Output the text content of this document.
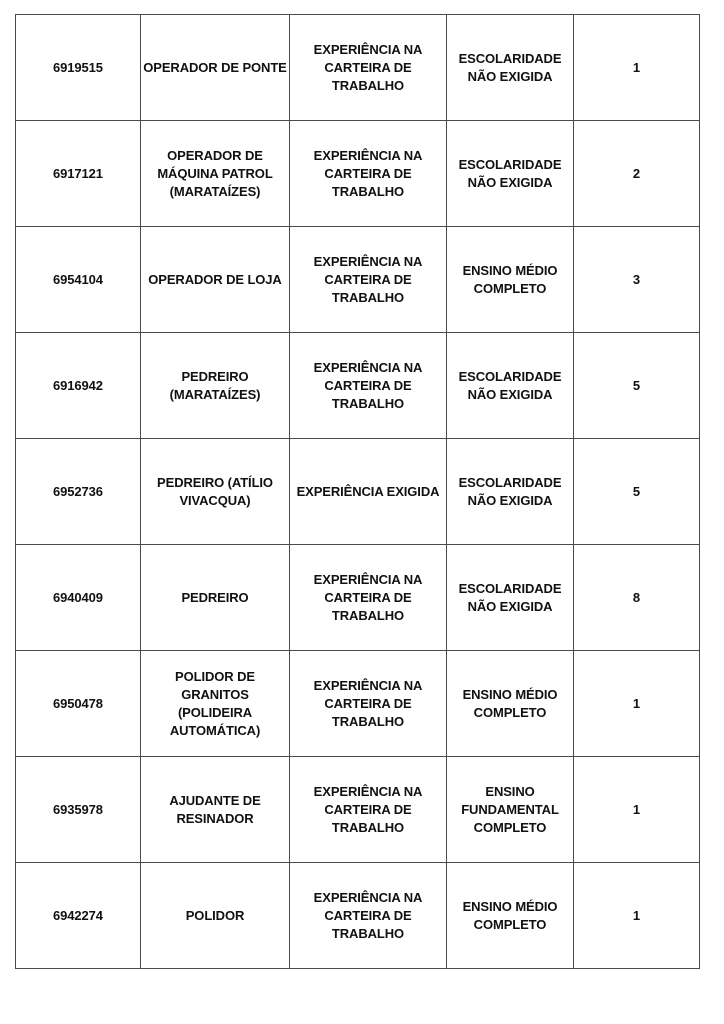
6919515	OPERADOR DE PONTE	EXPERIÊNCIA NA
CARTEIRA DE TRABALHO	ESCOLARIDADE
NÃO EXIGIDA	1
6917121	OPERADOR DE
MÁQUINA PATROL
(MARATAÍZES)	EXPERIÊNCIA NA
CARTEIRA DE TRABALHO	ESCOLARIDADE
NÃO EXIGIDA	2
6954104	OPERADOR DE LOJA	EXPERIÊNCIA NA
CARTEIRA DE TRABALHO	ENSINO MÉDIO
COMPLETO	3
6916942	PEDREIRO
(MARATAÍZES)	EXPERIÊNCIA NA
CARTEIRA DE TRABALHO	ESCOLARIDADE
NÃO EXIGIDA	5
6952736	PEDREIRO (ATÍLIO
VIVACQUA)	EXPERIÊNCIA EXIGIDA	ESCOLARIDADE
NÃO EXIGIDA	5
6940409	PEDREIRO	EXPERIÊNCIA NA
CARTEIRA DE TRABALHO	ESCOLARIDADE
NÃO EXIGIDA	8
6950478	POLIDOR DE GRANITOS
(POLIDEIRA
AUTOMÁTICA)	EXPERIÊNCIA NA
CARTEIRA DE TRABALHO	ENSINO MÉDIO
COMPLETO	1
6935978	AJUDANTE DE
RESINADOR	EXPERIÊNCIA NA
CARTEIRA DE TRABALHO	ENSINO
FUNDAMENTAL
COMPLETO	1
6942274	POLIDOR	EXPERIÊNCIA NA
CARTEIRA DE TRABALHO	ENSINO MÉDIO
COMPLETO	1
